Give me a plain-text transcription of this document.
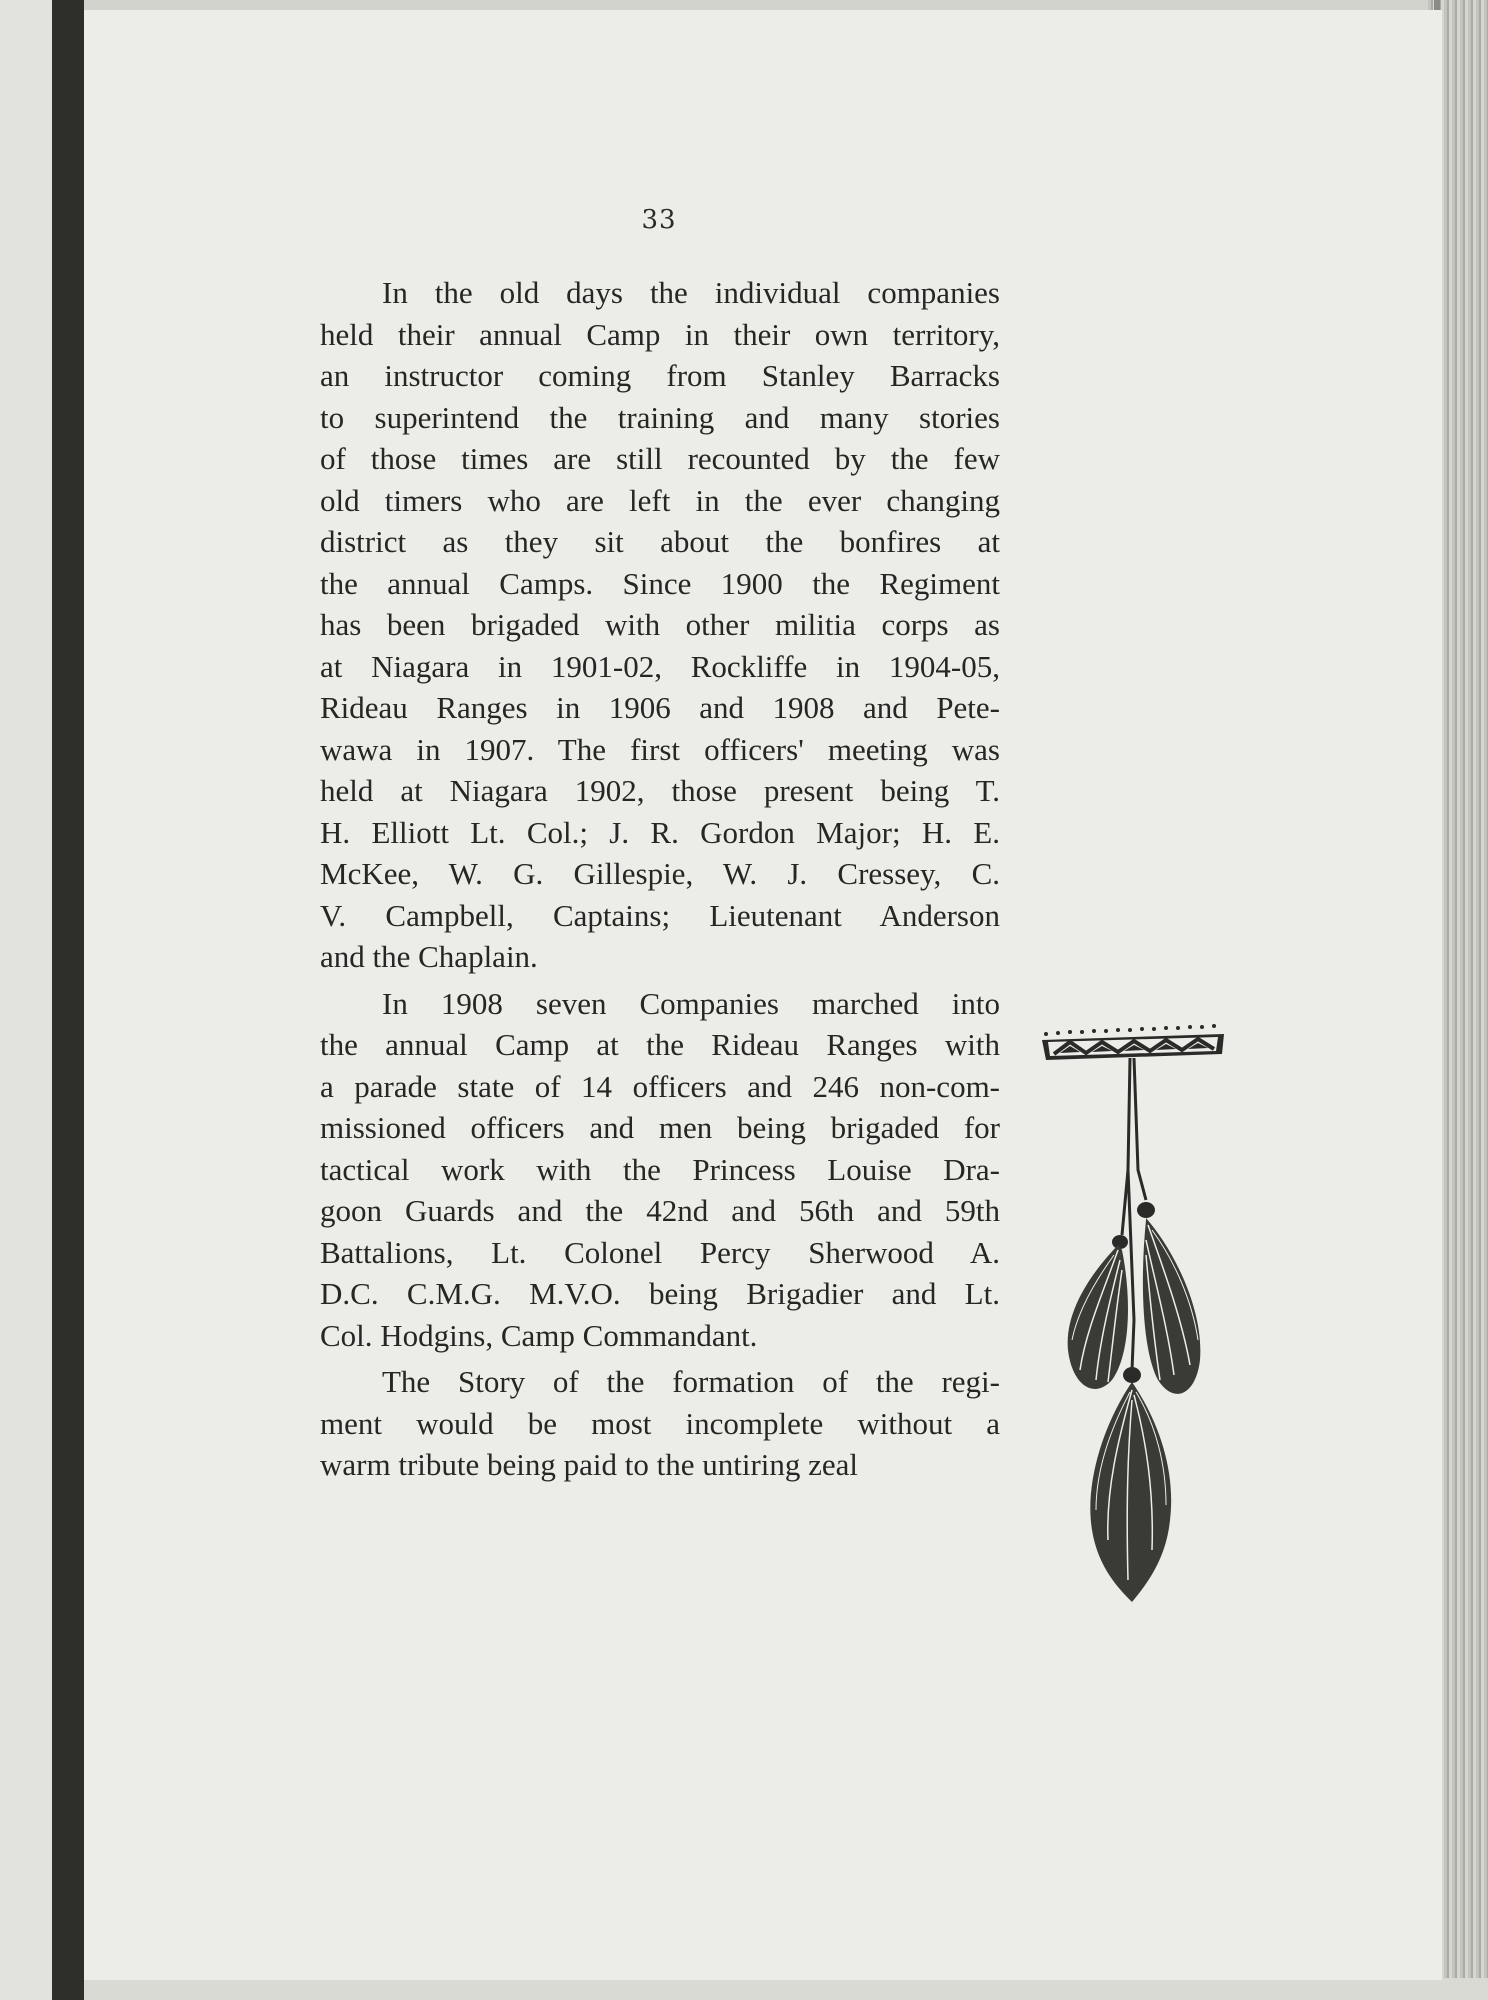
33
In the old days the individual companies
held their annual Camp in their own territory,
an instructor coming from Stanley Barracks
to superintend the training and many stories
of those times are still recounted by the few
old timers who are left in the ever changing
district as they sit about the bonfires at
the annual Camps. Since 1900 the Regiment
has been brigaded with other militia corps as
at Niagara in 1901-02, Rockliffe in 1904-05,
Rideau Ranges in 1906 and 1908 and Pete-
wawa in 1907. The first officers' meeting was
held at Niagara 1902, those present being T.
H. Elliott Lt. Col.; J. R. Gordon Major; H. E.
McKee, W. G. Gillespie, W. J. Cressey, C.
V. Campbell, Captains; Lieutenant Anderson
and the Chaplain.
In 1908 seven Companies marched into
the annual Camp at the Rideau Ranges with
a parade state of 14 officers and 246 non-com-
missioned officers and men being brigaded for
tactical work with the Princess Louise Dra-
goon Guards and the 42nd and 56th and 59th
Battalions, Lt. Colonel Percy Sherwood A.
D.C. C.M.G. M.V.O. being Brigadier and Lt.
Col. Hodgins, Camp Commandant.
The Story of the formation of the regi-
ment would be most incomplete without a
warm tribute being paid to the untiring zeal
